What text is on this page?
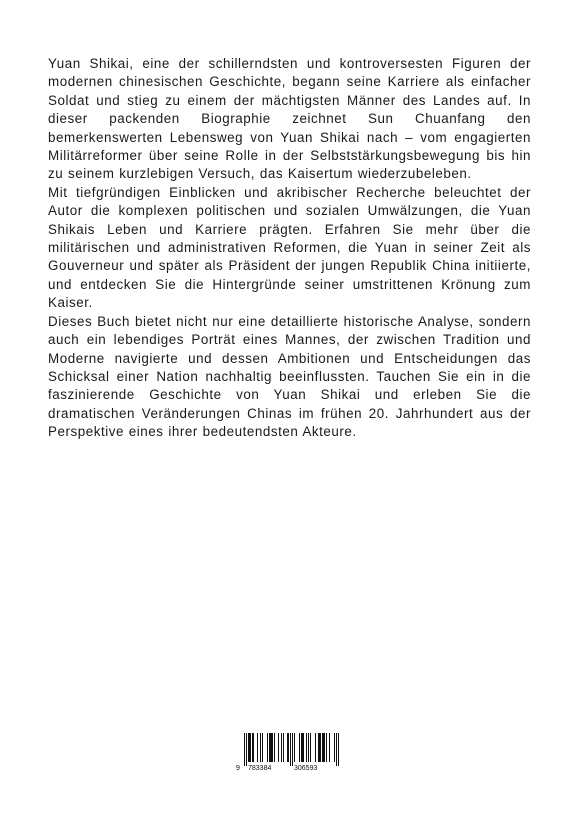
Yuan Shikai, eine der schillerndsten und kontroversesten Figuren der modernen chinesischen Geschichte, begann seine Karriere als einfacher Soldat und stieg zu einem der mächtigsten Männer des Landes auf. In dieser packenden Biographie zeichnet Sun Chuanfang den bemerkenswerten Lebensweg von Yuan Shikai nach – vom engagierten Militärreformer über seine Rolle in der Selbststärkungsbewegung bis hin zu seinem kurzlebigen Versuch, das Kaisertum wiederzubeleben.

Mit tiefgründigen Einblicken und akribischer Recherche beleuchtet der Autor die komplexen politischen und sozialen Umwälzungen, die Yuan Shikais Leben und Karriere prägten. Erfahren Sie mehr über die militärischen und administrativen Reformen, die Yuan in seiner Zeit als Gouverneur und später als Präsident der jungen Republik China initiierte, und entdecken Sie die Hintergründe seiner umstrittenen Krönung zum Kaiser.

Dieses Buch bietet nicht nur eine detaillierte historische Analyse, sondern auch ein lebendiges Porträt eines Mannes, der zwischen Tradition und Moderne navigierte und dessen Ambitionen und Entscheidungen das Schicksal einer Nation nachhaltig beeinflussten. Tauchen Sie ein in die faszinierende Geschichte von Yuan Shikai und erleben Sie die dramatischen Veränderungen Chinas im frühen 20. Jahrhundert aus der Perspektive eines ihrer bedeutendsten Akteure.

9 783384	306593
